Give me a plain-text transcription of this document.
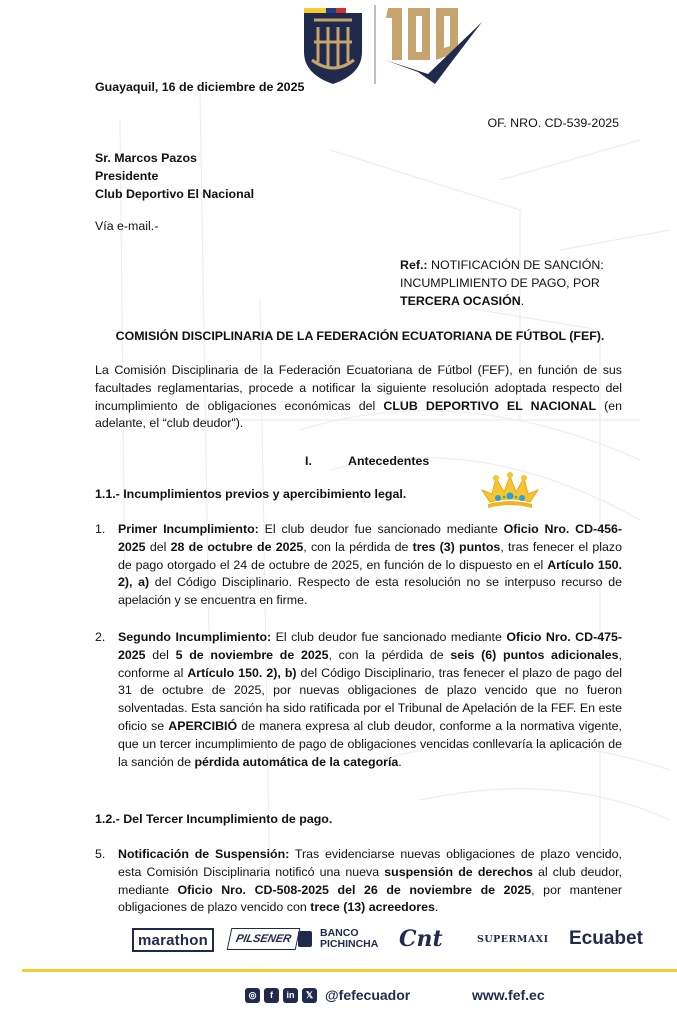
Guayaquil, 16 de diciembre de 2025
OF. NRO. CD-539-2025
Sr. Marcos Pazos
Presidente
Club Deportivo El Nacional
Vía e-mail.-
Ref.: NOTIFICACIÓN DE SANCIÓN: INCUMPLIMIENTO DE PAGO, POR TERCERA OCASIÓN.
COMISIÓN DISCIPLINARIA DE LA FEDERACIÓN ECUATORIANA DE FÚTBOL (FEF).
La Comisión Disciplinaria de la Federación Ecuatoriana de Fútbol (FEF), en función de sus facultades reglamentarias, procede a notificar la siguiente resolución adoptada respecto del incumplimiento de obligaciones económicas del CLUB DEPORTIVO EL NACIONAL (en adelante, el “club deudor").
I.	Antecedentes
1.1.- Incumplimientos previos y apercibimiento legal.
1. Primer Incumplimiento: El club deudor fue sancionado mediante Oficio Nro. CD-456-2025 del 28 de octubre de 2025, con la pérdida de tres (3) puntos, tras fenecer el plazo de pago otorgado el 24 de octubre de 2025, en función de lo dispuesto en el Artículo 150. 2), a) del Código Disciplinario. Respecto de esta resolución no se interpuso recurso de apelación y se encuentra en firme.
2. Segundo Incumplimiento: El club deudor fue sancionado mediante Oficio Nro. CD-475-2025 del 5 de noviembre de 2025, con la pérdida de seis (6) puntos adicionales, conforme al Artículo 150. 2), b) del Código Disciplinario, tras fenecer el plazo de pago del 31 de octubre de 2025, por nuevas obligaciones de plazo vencido que no fueron solventadas. Esta sanción ha sido ratificada por el Tribunal de Apelación de la FEF. En este oficio se APERCIBIÓ de manera expresa al club deudor, conforme a la normativa vigente, que un tercer incumplimiento de pago de obligaciones vencidas conllevaría la aplicación de la sanción de pérdida automática de la categoría.
1.2.- Del Tercer Incumplimiento de pago.
5. Notificación de Suspensión: Tras evidenciarse nuevas obligaciones de plazo vencido, esta Comisión Disciplinaria notificó una nueva suspensión de derechos al club deudor, mediante Oficio Nro. CD-508-2025 del 26 de noviembre de 2025, por mantener obligaciones de plazo vencido con trece (13) acreedores.
marathon	PILSENER	BANCO
PICHINCHA Cnt	SUPERMAXI Ecuabet
◎	f	in	𝕏 @fefecuador	www.fef.ec
